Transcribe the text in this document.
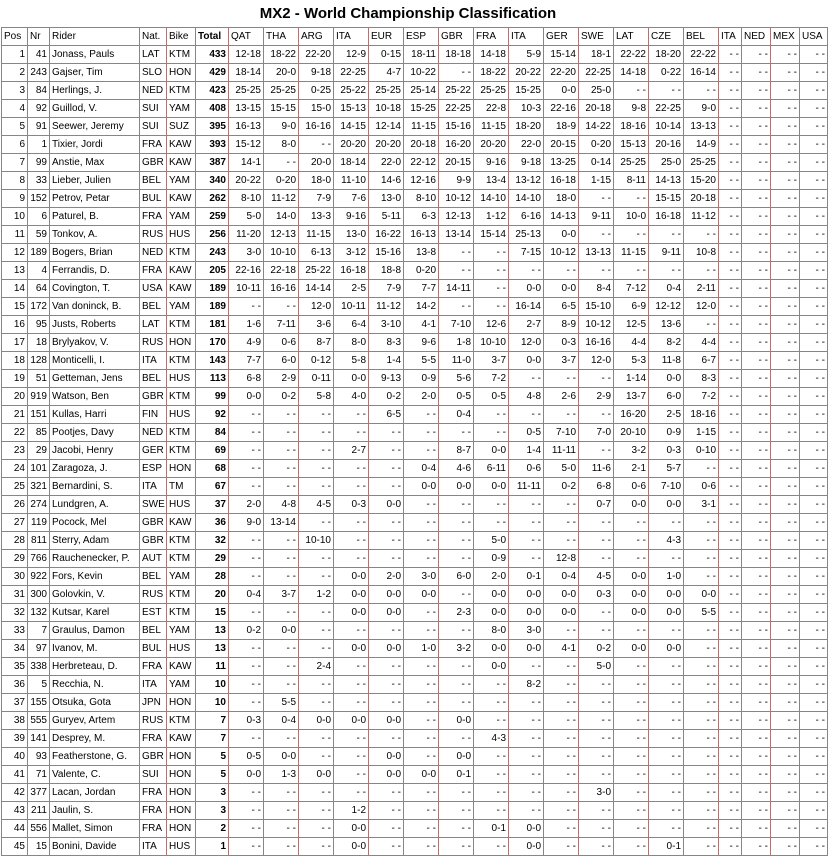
MX2 - World Championship Classification
Pos	Nr	Rider	Nat.	Bike	Total	QAT	THA	ARG	ITA	EUR	ESP	GBR	FRA	ITA	GER	SWE	LAT	CZE	BEL	ITA	NED	MEX	USA
1	41	Jonass, Pauls	LAT	KTM	433	12-18	18-22	22-20	12-9	0-15	18-11	18-18	14-18	5-9	15-14	18-1	22-22	18-20	22-22	- -	- -	- -	- -
2	243	Gajser, Tim	SLO	HON	429	18-14	20-0	9-18	22-25	4-7	10-22	- -	18-22	20-22	22-20	22-25	14-18	0-22	16-14	- -	- -	- -	- -
3	84	Herlings, J.	NED	KTM	423	25-25	25-25	0-25	25-22	25-25	25-14	25-22	25-25	15-25	0-0	25-0	- -	- -	- -	- -	- -	- -	- -
4	92	Guillod, V.	SUI	YAM	408	13-15	15-15	15-0	15-13	10-18	15-25	22-25	22-8	10-3	22-16	20-18	9-8	22-25	9-0	- -	- -	- -	- -
5	91	Seewer, Jeremy	SUI	SUZ	395	16-13	9-0	16-16	14-15	12-14	11-15	15-16	11-15	18-20	18-9	14-22	18-16	10-14	13-13	- -	- -	- -	- -
6	1	Tixier, Jordi	FRA	KAW	393	15-12	8-0	- -	20-20	20-20	20-18	16-20	20-20	22-0	20-15	0-20	15-13	20-16	14-9	- -	- -	- -	- -
7	99	Anstie, Max	GBR	KAW	387	14-1	- -	20-0	18-14	22-0	22-12	20-15	9-16	9-18	13-25	0-14	25-25	25-0	25-25	- -	- -	- -	- -
8	33	Lieber, Julien	BEL	YAM	340	20-22	0-20	18-0	11-10	14-6	12-16	9-9	13-4	13-12	16-18	1-15	8-11	14-13	15-20	- -	- -	- -	- -
9	152	Petrov, Petar	BUL	KAW	262	8-10	11-12	7-9	7-6	13-0	8-10	10-12	14-10	14-10	18-0	- -	- -	15-15	20-18	- -	- -	- -	- -
10	6	Paturel, B.	FRA	YAM	259	5-0	14-0	13-3	9-16	5-11	6-3	12-13	1-12	6-16	14-13	9-11	10-0	16-18	11-12	- -	- -	- -	- -
11	59	Tonkov, A.	RUS	HUS	256	11-20	12-13	11-15	13-0	16-22	16-13	13-14	15-14	25-13	0-0	- -	- -	- -	- -	- -	- -	- -	- -
12	189	Bogers, Brian	NED	KTM	243	3-0	10-10	6-13	3-12	15-16	13-8	- -	- -	7-15	10-12	13-13	11-15	9-11	10-8	- -	- -	- -	- -
13	4	Ferrandis, D.	FRA	KAW	205	22-16	22-18	25-22	16-18	18-8	0-20	- -	- -	- -	- -	- -	- -	- -	- -	- -	- -	- -	- -
14	64	Covington, T.	USA	KAW	189	10-11	16-16	14-14	2-5	7-9	7-7	14-11	- -	0-0	0-0	8-4	7-12	0-4	2-11	- -	- -	- -	- -
15	172	Van doninck, B.	BEL	YAM	189	- -	- -	12-0	10-11	11-12	14-2	- -	- -	16-14	6-5	15-10	6-9	12-12	12-0	- -	- -	- -	- -
16	95	Justs, Roberts	LAT	KTM	181	1-6	7-11	3-6	6-4	3-10	4-1	7-10	12-6	2-7	8-9	10-12	12-5	13-6	- -	- -	- -	- -	- -
17	18	Brylyakov, V.	RUS	HON	170	4-9	0-6	8-7	8-0	8-3	9-6	1-8	10-10	12-0	0-3	16-16	4-4	8-2	4-4	- -	- -	- -	- -
18	128	Monticelli, I.	ITA	KTM	143	7-7	6-0	0-12	5-8	1-4	5-5	11-0	3-7	0-0	3-7	12-0	5-3	11-8	6-7	- -	- -	- -	- -
19	51	Getteman, Jens	BEL	HUS	113	6-8	2-9	0-11	0-0	9-13	0-9	5-6	7-2	- -	- -	- -	1-14	0-0	8-3	- -	- -	- -	- -
20	919	Watson, Ben	GBR	KTM	99	0-0	0-2	5-8	4-0	0-2	2-0	0-5	0-5	4-8	2-6	2-9	13-7	6-0	7-2	- -	- -	- -	- -
21	151	Kullas, Harri	FIN	HUS	92	- -	- -	- -	- -	6-5	- -	0-4	- -	- -	- -	- -	16-20	2-5	18-16	- -	- -	- -	- -
22	85	Pootjes, Davy	NED	KTM	84	- -	- -	- -	- -	- -	- -	- -	- -	0-5	7-10	7-0	20-10	0-9	1-15	- -	- -	- -	- -
23	29	Jacobi, Henry	GER	KTM	69	- -	- -	- -	2-7	- -	- -	8-7	0-0	1-4	11-11	- -	3-2	0-3	0-10	- -	- -	- -	- -
24	101	Zaragoza, J.	ESP	HON	68	- -	- -	- -	- -	- -	0-4	4-6	6-11	0-6	5-0	11-6	2-1	5-7	- -	- -	- -	- -	- -
25	321	Bernardini, S.	ITA	TM	67	- -	- -	- -	- -	- -	0-0	0-0	0-0	11-11	0-2	6-8	0-6	7-10	0-6	- -	- -	- -	- -
26	274	Lundgren, A.	SWE	HUS	37	2-0	4-8	4-5	0-3	0-0	- -	- -	- -	- -	- -	0-7	0-0	0-0	3-1	- -	- -	- -	- -
27	119	Pocock, Mel	GBR	KAW	36	9-0	13-14	- -	- -	- -	- -	- -	- -	- -	- -	- -	- -	- -	- -	- -	- -	- -	- -
28	811	Sterry, Adam	GBR	KTM	32	- -	- -	10-10	- -	- -	- -	- -	5-0	- -	- -	- -	- -	4-3	- -	- -	- -	- -	- -
29	766	Rauchenecker, P.	AUT	KTM	29	- -	- -	- -	- -	- -	- -	- -	0-9	- -	12-8	- -	- -	- -	- -	- -	- -	- -	- -
30	922	Fors, Kevin	BEL	YAM	28	- -	- -	- -	0-0	2-0	3-0	6-0	2-0	0-1	0-4	4-5	0-0	1-0	- -	- -	- -	- -	- -
31	300	Golovkin, V.	RUS	KTM	20	0-4	3-7	1-2	0-0	0-0	0-0	- -	0-0	0-0	0-0	0-3	0-0	0-0	0-0	- -	- -	- -	- -
32	132	Kutsar, Karel	EST	KTM	15	- -	- -	- -	0-0	0-0	- -	2-3	0-0	0-0	0-0	- -	0-0	0-0	5-5	- -	- -	- -	- -
33	7	Graulus, Damon	BEL	YAM	13	0-2	0-0	- -	- -	- -	- -	- -	8-0	3-0	- -	- -	- -	- -	- -	- -	- -	- -	- -
34	97	Ivanov, M.	BUL	HUS	13	- -	- -	- -	0-0	0-0	1-0	3-2	0-0	0-0	4-1	0-2	0-0	0-0	- -	- -	- -	- -	- -
35	338	Herbreteau, D.	FRA	KAW	11	- -	- -	2-4	- -	- -	- -	- -	0-0	- -	- -	5-0	- -	- -	- -	- -	- -	- -	- -
36	5	Recchia, N.	ITA	YAM	10	- -	- -	- -	- -	- -	- -	- -	- -	8-2	- -	- -	- -	- -	- -	- -	- -	- -	- -
37	155	Otsuka, Gota	JPN	HON	10	- -	5-5	- -	- -	- -	- -	- -	- -	- -	- -	- -	- -	- -	- -	- -	- -	- -	- -
38	555	Guryev, Artem	RUS	KTM	7	0-3	0-4	0-0	0-0	0-0	- -	0-0	- -	- -	- -	- -	- -	- -	- -	- -	- -	- -	- -
39	141	Desprey, M.	FRA	KAW	7	- -	- -	- -	- -	- -	- -	- -	4-3	- -	- -	- -	- -	- -	- -	- -	- -	- -	- -
40	93	Featherstone, G.	GBR	HON	5	0-5	0-0	- -	- -	0-0	- -	0-0	- -	- -	- -	- -	- -	- -	- -	- -	- -	- -	- -
41	71	Valente, C.	SUI	HON	5	0-0	1-3	0-0	- -	0-0	0-0	0-1	- -	- -	- -	- -	- -	- -	- -	- -	- -	- -	- -
42	377	Lacan, Jordan	FRA	HON	3	- -	- -	- -	- -	- -	- -	- -	- -	- -	- -	3-0	- -	- -	- -	- -	- -	- -	- -
43	211	Jaulin, S.	FRA	HON	3	- -	- -	- -	1-2	- -	- -	- -	- -	- -	- -	- -	- -	- -	- -	- -	- -	- -	- -
44	556	Mallet, Simon	FRA	HON	2	- -	- -	- -	0-0	- -	- -	- -	0-1	0-0	- -	- -	- -	- -	- -	- -	- -	- -	- -
45	15	Bonini, Davide	ITA	HUS	1	- -	- -	- -	0-0	- -	- -	- -	- -	0-0	- -	- -	- -	0-1	- -	- -	- -	- -	- -
